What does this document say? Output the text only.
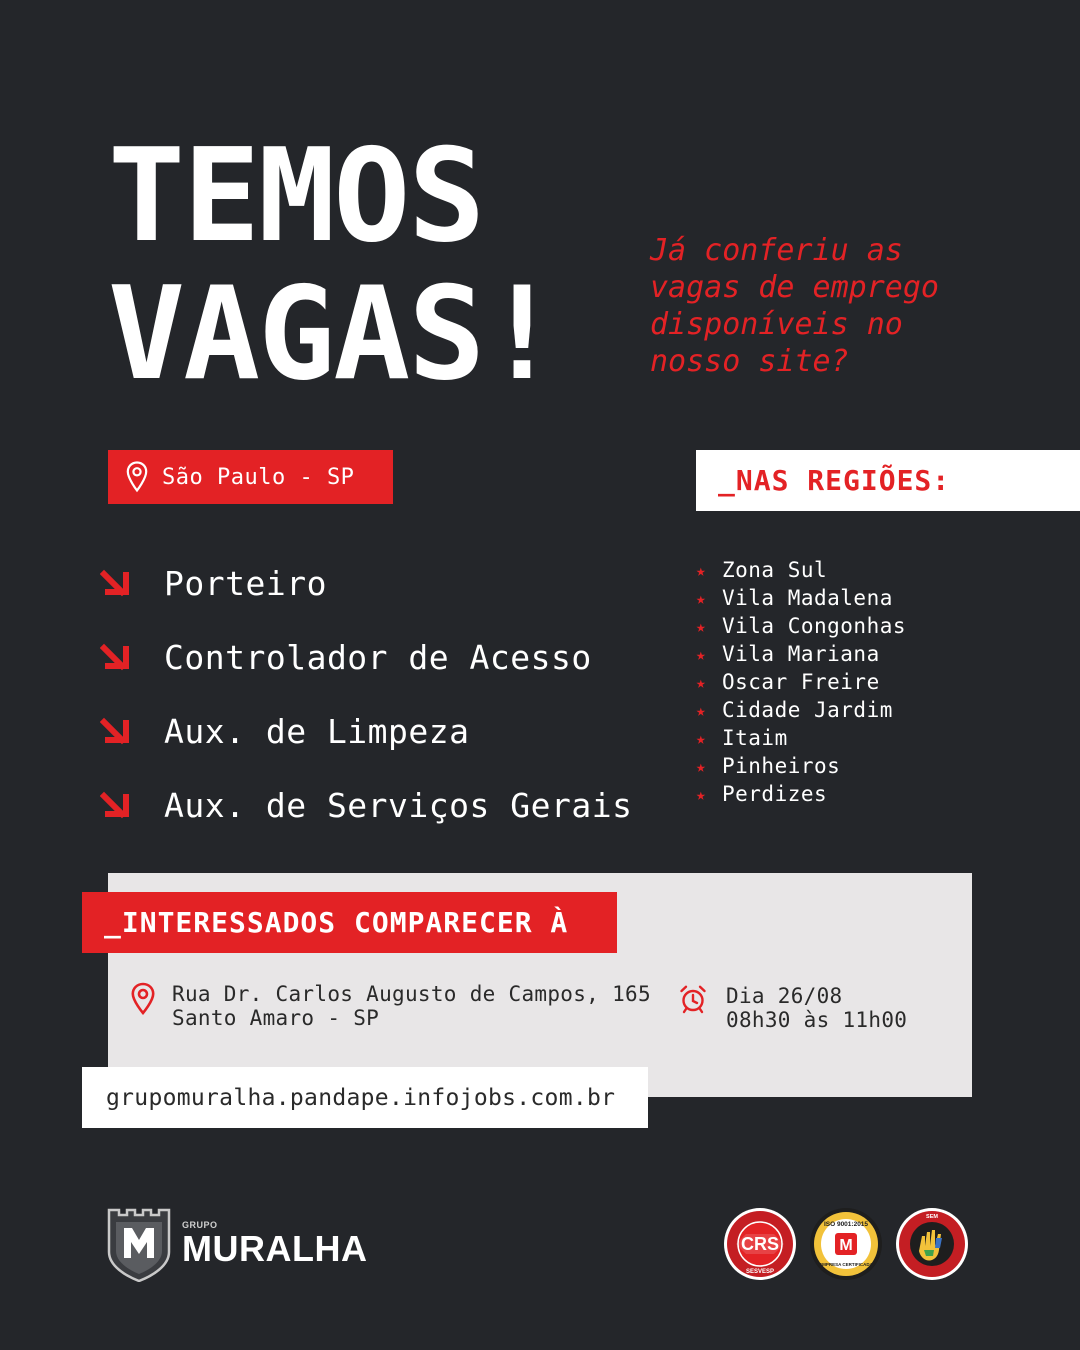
TEMOS
VAGAS!
Já conferiu as vagas de emprego disponíveis no nosso site?
São Paulo - SP	_NAS REGIÕES:
Porteiro
Controlador de Acesso
Aux. de Limpeza
Aux. de Serviços Gerais
★ Zona Sul
★ Vila Madalena
★ Vila Congonhas
★ Vila Mariana
★ Oscar Freire
★ Cidade Jardim
★ Itaim
★ Pinheiros
★ Perdizes
_INTERESSADOS COMPARECER À
Rua Dr. Carlos Augusto de Campos, 165
Santo Amaro - SP
Dia 26/08
08h30 às 11h00
grupomuralha.pandape.infojobs.com.br
GRUPO
MURALHA	CRS
SESVESP
M
ISO 9001:2015
EMPRESA CERTIFICADA
SEM
